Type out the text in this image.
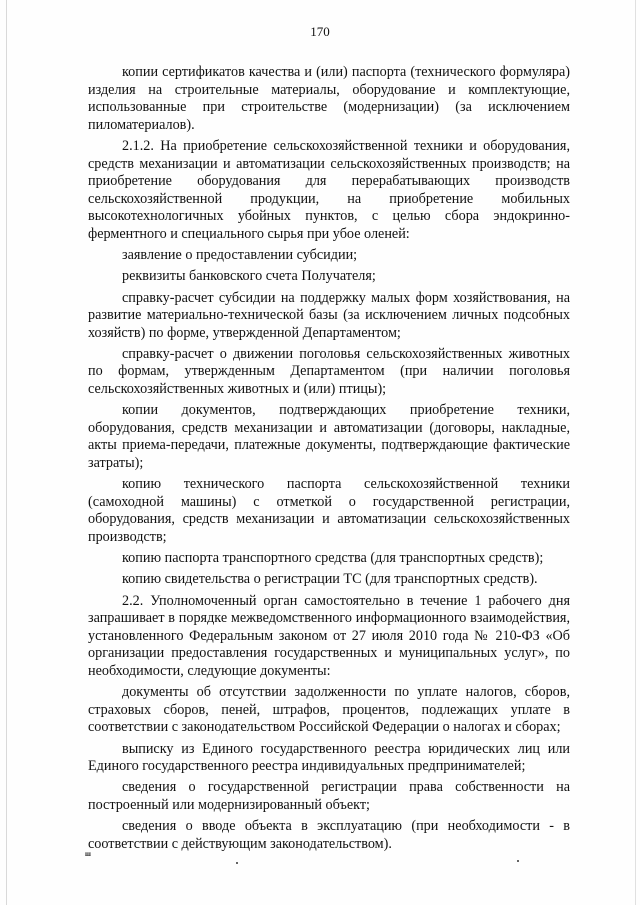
170

копии сертификатов качества и (или) паспорта (технического формуляра) изделия на строительные материалы, оборудование и комплектующие, использованные при строительстве (модернизации) (за исключением пиломатериалов).

2.1.2. На приобретение сельскохозяйственной техники и оборудования, средств механизации и автоматизации сельскохозяйственных производств; на приобретение оборудования для перерабатывающих производств сельскохозяйственной продукции, на приобретение мобильных высокотехнологичных убойных пунктов, с целью сбора эндокринно-ферментного и специального сырья при убое оленей:

заявление о предоставлении субсидии;

реквизиты банковского счета Получателя;

справку-расчет субсидии на поддержку малых форм хозяйствования, на развитие материально-технической базы (за исключением личных подсобных хозяйств) по форме, утвержденной Департаментом;

справку-расчет о движении поголовья сельскохозяйственных животных по формам, утвержденным Департаментом (при наличии поголовья сельскохозяйственных животных и (или) птицы);

копии документов, подтверждающих приобретение техники, оборудования, средств механизации и автоматизации (договоры, накладные, акты приема-передачи, платежные документы, подтверждающие фактические затраты);

копию технического паспорта сельскохозяйственной техники (самоходной машины) с отметкой о государственной регистрации, оборудования, средств механизации и автоматизации сельскохозяйственных производств;

копию паспорта транспортного средства (для транспортных средств);

копию свидетельства о регистрации ТС (для транспортных средств).

2.2. Уполномоченный орган самостоятельно в течение 1 рабочего дня запрашивает в порядке межведомственного информационного взаимодействия, установленного Федеральным законом от 27 июля 2010 года № 210-ФЗ «Об организации предоставления государственных и муниципальных услуг», по необходимости, следующие документы:

документы об отсутствии задолженности по уплате налогов, сборов, страховых сборов, пеней, штрафов, процентов, подлежащих уплате в соответствии с законодательством Российской Федерации о налогах и сборах;

выписку из Единого государственного реестра юридических лиц или Единого государственного реестра индивидуальных предпринимателей;

сведения о государственной регистрации права собственности на построенный или модернизированный объект;

сведения о вводе объекта в эксплуатацию (при необходимости - в соответствии с действующим законодательством).

ш
